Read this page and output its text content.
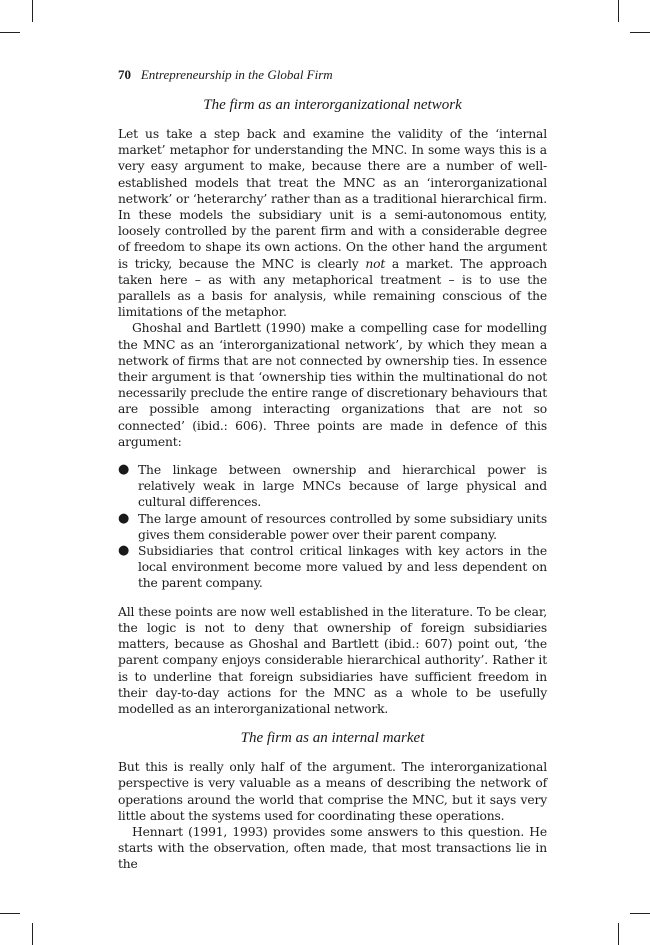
70 Entrepreneurship in the Global Firm
The firm as an interorganizational network

Let us take a step back and examine the validity of the ‘internal market’ metaphor for understanding the MNC. In some ways this is a very easy argument to make, because there are a number of well-established models that treat the MNC as an ‘interorganizational network’ or ‘heterarchy’ rather than as a traditional hierarchical firm. In these models the subsidiary unit is a semi-autonomous entity, loosely controlled by the parent firm and with a considerable degree of freedom to shape its own actions. On the other hand the argument is tricky, because the MNC is clearly not a market. The approach taken here – as with any metaphorical treatment – is to use the parallels as a basis for analysis, while remaining conscious of the limitations of the metaphor.

Ghoshal and Bartlett (1990) make a compelling case for modelling the MNC as an ‘interorganizational network’, by which they mean a network of firms that are not connected by ownership ties. In essence their argument is that ‘ownership ties within the multinational do not necessarily preclude the entire range of discretionary behaviours that are possible among interacting organizations that are not so connected’ (ibid.: 606). Three points are made in defence of this argument:

● The linkage between ownership and hierarchical power is relatively weak in large MNCs because of large physical and cultural differences.
● The large amount of resources controlled by some subsidiary units gives them considerable power over their parent company.
● Subsidiaries that control critical linkages with key actors in the local environment become more valued by and less dependent on the parent company.

All these points are now well established in the literature. To be clear, the logic is not to deny that ownership of foreign subsidiaries matters, because as Ghoshal and Bartlett (ibid.: 607) point out, ‘the parent company enjoys considerable hierarchical authority’. Rather it is to underline that foreign subsidiaries have sufficient freedom in their day-to-day actions for the MNC as a whole to be usefully modelled as an interorganizational network.

The firm as an internal market

But this is really only half of the argument. The interorganizational perspective is very valuable as a means of describing the network of operations around the world that comprise the MNC, but it says very little about the systems used for coordinating these operations.

Hennart (1991, 1993) provides some answers to this question. He starts with the observation, often made, that most transactions lie in the
